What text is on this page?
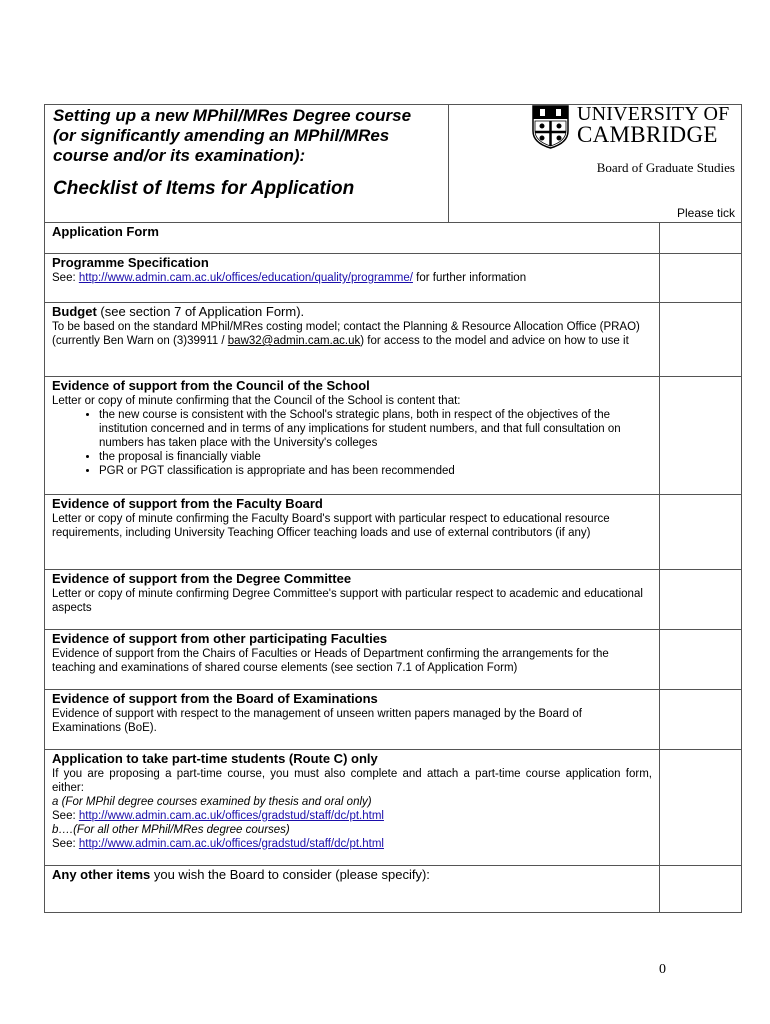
Setting up a new MPhil/MRes Degree course
(or significantly amending an MPhil/MRes
course and/or its examination):
Checklist of Items for Application
UNIVERSITY OF
CAMBRIDGE
Board of Graduate Studies
Please tick
Application Form
Programme Specification
See: http://www.admin.cam.ac.uk/offices/education/quality/programme/ for further information
Budget (see section 7 of Application Form).
To be based on the standard MPhil/MRes costing model; contact the Planning & Resource Allocation Office (PRAO) (currently Ben Warn on (3)39911 / baw32@admin.cam.ac.uk) for access to the model and advice on how to use it
Evidence of support from the Council of the School
Letter or copy of minute confirming that the Council of the School is content that:
• the new course is consistent with the School's strategic plans, both in respect of the objectives of the institution concerned and in terms of any implications for student numbers, and that full consultation on numbers has taken place with the University's colleges
• the proposal is financially viable
• PGR or PGT classification is appropriate and has been recommended
Evidence of support from the Faculty Board
Letter or copy of minute confirming the Faculty Board's support with particular respect to educational resource requirements, including University Teaching Officer teaching loads and use of external contributors (if any)
Evidence of support from the Degree Committee
Letter or copy of minute confirming Degree Committee's support with particular respect to academic and educational aspects
Evidence of support from other participating Faculties
Evidence of support from the Chairs of Faculties or Heads of Department confirming the arrangements for the teaching and examinations of shared course elements (see section 7.1 of Application Form)
Evidence of support from the Board of Examinations
Evidence of support with respect to the management of unseen written papers managed by the Board of Examinations (BoE).
Application to take part-time students (Route C) only
If you are proposing a part-time course, you must also complete and attach a part-time course application form, either:
a (For MPhil degree courses examined by thesis and oral only)
See: http://www.admin.cam.ac.uk/offices/gradstud/staff/dc/pt.html
b….(For all other MPhil/MRes degree courses)
See: http://www.admin.cam.ac.uk/offices/gradstud/staff/dc/pt.html
Any other items you wish the Board to consider (please specify):
0
